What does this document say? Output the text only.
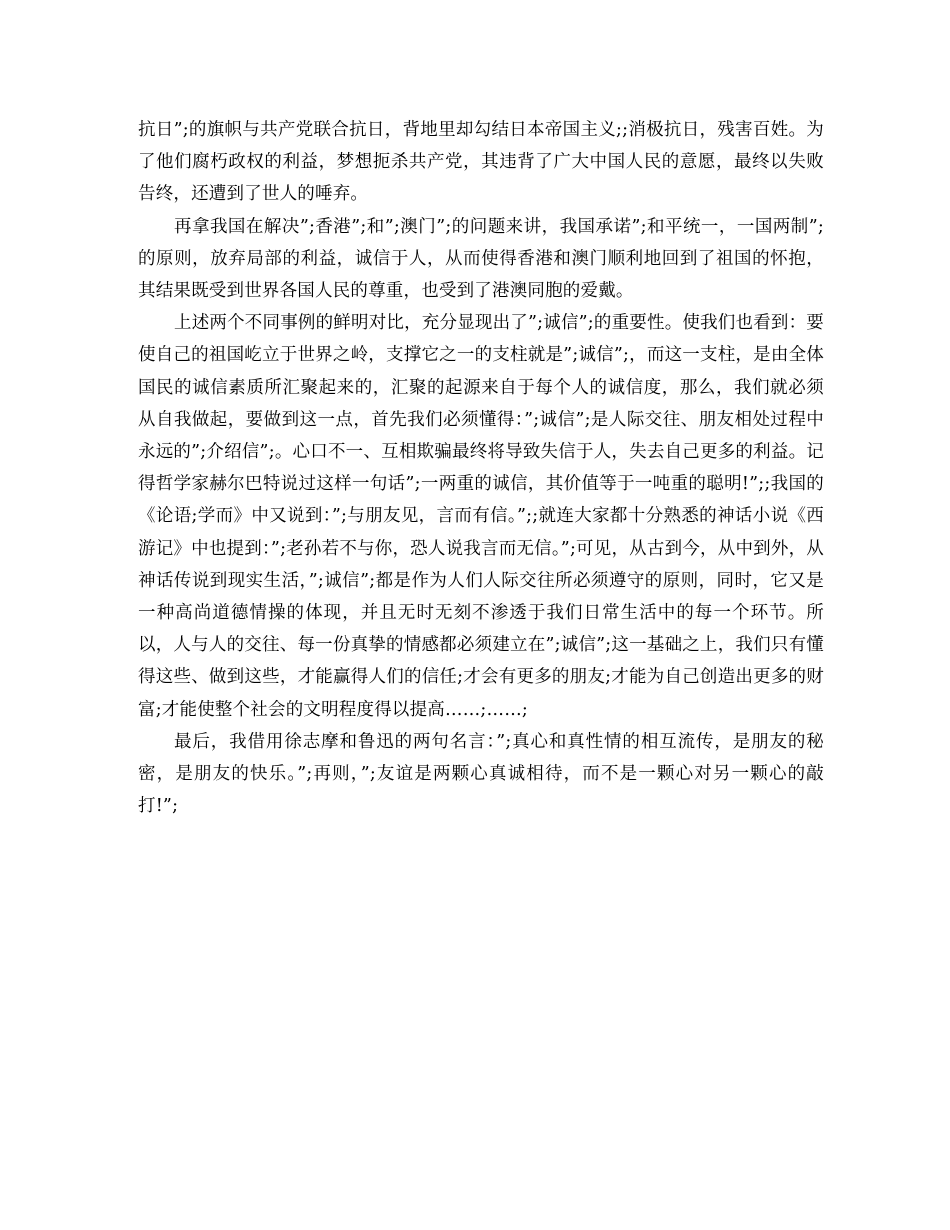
抗日”;的旗帜与共产党联合抗日，背地里却勾结日本帝国主义;;消极抗日，残害百姓。为了他们腐朽政权的利益，梦想扼杀共产党，其违背了广大中国人民的意愿，最终以失败告终，还遭到了世人的唾弃。

再拿我国在解决”;香港”;和”;澳门”;的问题来讲，我国承诺”;和平统一，一国两制”;的原则，放弃局部的利益，诚信于人，从而使得香港和澳门顺利地回到了祖国的怀抱，其结果既受到世界各国人民的尊重，也受到了港澳同胞的爱戴。

上述两个不同事例的鲜明对比，充分显现出了”;诚信”;的重要性。使我们也看到：要使自己的祖国屹立于世界之岭，支撑它之一的支柱就是”;诚信”;，而这一支柱，是由全体国民的诚信素质所汇聚起来的，汇聚的起源来自于每个人的诚信度，那么，我们就必须从自我做起，要做到这一点，首先我们必须懂得：”;诚信”;是人际交往、朋友相处过程中永远的”;介绍信”;。心口不一、互相欺骗最终将导致失信于人，失去自己更多的利益。记得哲学家赫尔巴特说过这样一句话”;一两重的诚信，其价值等于一吨重的聪明!”;;我国的《论语;学而》中又说到：”;与朋友见，言而有信。”;;就连大家都十分熟悉的神话小说《西游记》中也提到：”;老孙若不与你，恐人说我言而无信。”;可见，从古到今，从中到外，从神话传说到现实生活，”;诚信”;都是作为人们人际交往所必须遵守的原则，同时，它又是一种高尚道德情操的体现，并且无时无刻不渗透于我们日常生活中的每一个环节。所以，人与人的交往、每一份真挚的情感都必须建立在”;诚信”;这一基础之上，我们只有懂得这些、做到这些，才能赢得人们的信任;才会有更多的朋友;才能为自己创造出更多的财富;才能使整个社会的文明程度得以提高……;……;

最后，我借用徐志摩和鲁迅的两句名言：”;真心和真性情的相互流传，是朋友的秘密，是朋友的快乐。”;再则，”;友谊是两颗心真诚相待，而不是一颗心对另一颗心的敲打!”;
